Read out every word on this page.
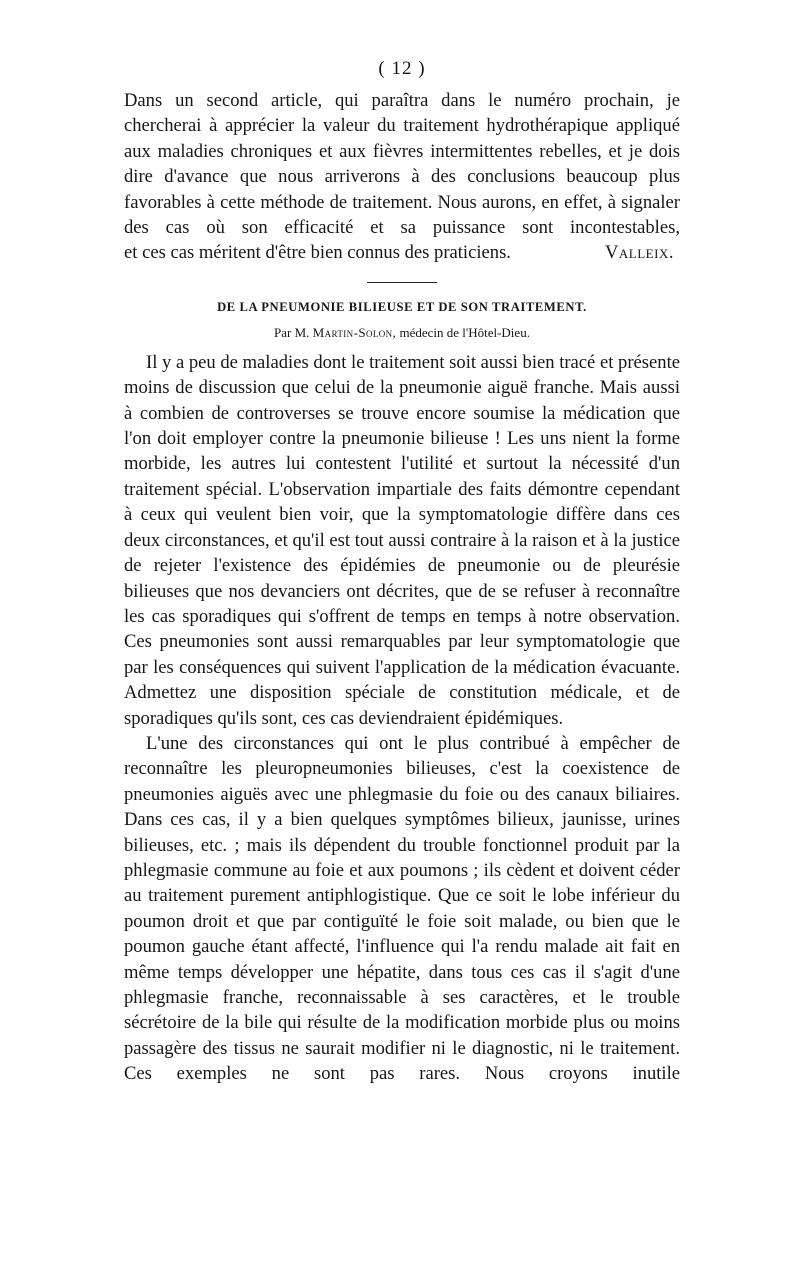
( 12 )

Dans un second article, qui paraîtra dans le numéro prochain, je chercherai à apprécier la valeur du traitement hydrothérapique appliqué aux maladies chroniques et aux fièvres intermittentes rebelles, et je dois dire d'avance que nous arriverons à des conclusions beaucoup plus favorables à cette méthode de traitement. Nous aurons, en effet, à signaler des cas où son efficacité et sa puissance sont incontestables,

et ces cas méritent d'être bien connus des praticiens.	Valleix.
DE LA PNEUMONIE BILIEUSE ET DE SON TRAITEMENT.
Par M. Martin-Solon, médecin de l'Hôtel-Dieu.

Il y a peu de maladies dont le traitement soit aussi bien tracé et présente moins de discussion que celui de la pneumonie aiguë franche. Mais aussi à combien de controverses se trouve encore soumise la médication que l'on doit employer contre la pneumonie bilieuse ! Les uns nient la forme morbide, les autres lui contestent l'utilité et surtout la nécessité d'un traitement spécial. L'observation impartiale des faits démontre cependant à ceux qui veulent bien voir, que la symptomatologie diffère dans ces deux circonstances, et qu'il est tout aussi contraire à la raison et à la justice de rejeter l'existence des épidémies de pneumonie ou de pleurésie bilieuses que nos devanciers ont décrites, que de se refuser à reconnaître les cas sporadiques qui s'offrent de temps en temps à notre observation. Ces pneumonies sont aussi remarquables par leur symptomatologie que par les conséquences qui suivent l'application de la médication évacuante. Admettez une disposition spéciale de constitution médicale, et de sporadiques qu'ils sont, ces cas deviendraient épidémiques.

L'une des circonstances qui ont le plus contribué à empêcher de reconnaître les pleuropneumonies bilieuses, c'est la coexistence de pneumonies aiguës avec une phlegmasie du foie ou des canaux biliaires. Dans ces cas, il y a bien quelques symptômes bilieux, jaunisse, urines bilieuses, etc. ; mais ils dépendent du trouble fonctionnel produit par la phlegmasie commune au foie et aux poumons ; ils cèdent et doivent céder au traitement purement antiphlogistique. Que ce soit le lobe inférieur du poumon droit et que par contiguïté le foie soit malade, ou bien que le poumon gauche étant affecté, l'influence qui l'a rendu malade ait fait en même temps développer une hépatite, dans tous ces cas il s'agit d'une phlegmasie franche, reconnaissable à ses caractères, et le trouble sécrétoire de la bile qui résulte de la modification morbide plus ou moins passagère des tissus ne saurait modifier ni le diagnostic, ni le traitement. Ces exemples ne sont pas rares. Nous croyons inutile
